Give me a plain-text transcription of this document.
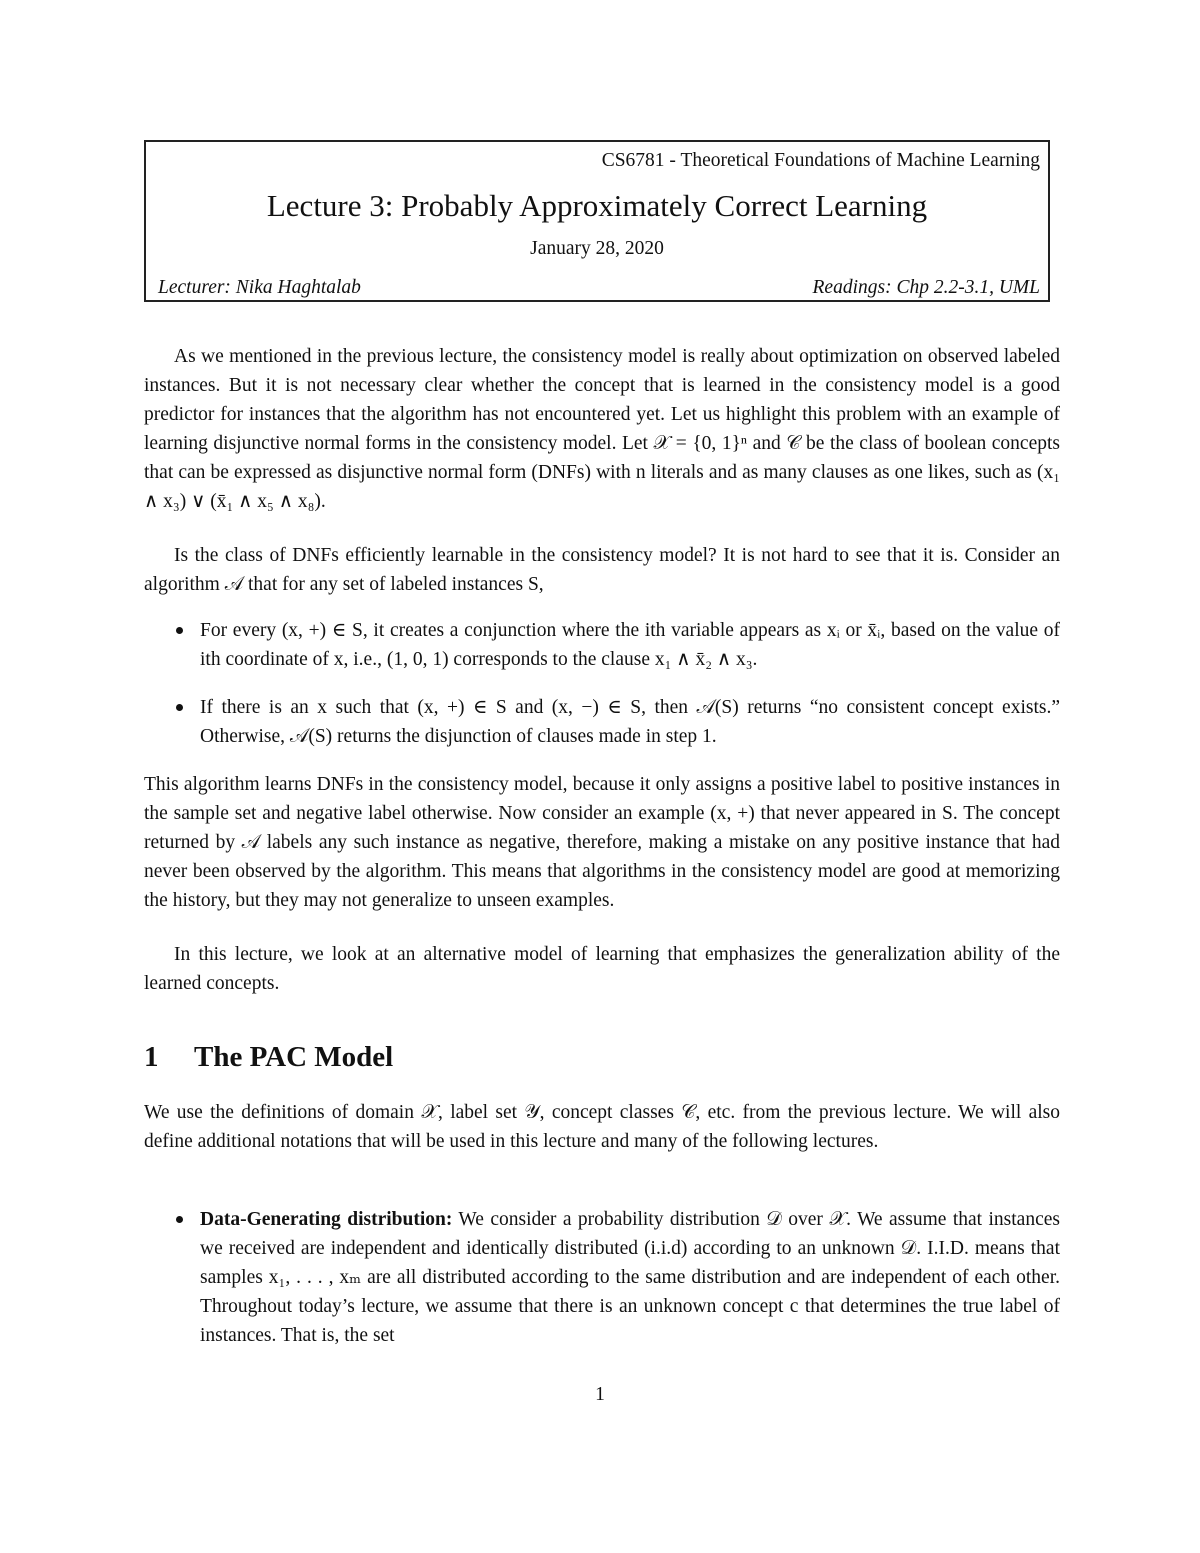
CS6781 - Theoretical Foundations of Machine Learning
Lecture 3: Probably Approximately Correct Learning
January 28, 2020
Lecturer: Nika Haghtalab	Readings: Chp 2.2-3.1, UML

As we mentioned in the previous lecture, the consistency model is really about optimization on observed labeled instances. But it is not necessary clear whether the concept that is learned in the consistency model is a good predictor for instances that the algorithm has not encountered yet. Let us highlight this problem with an example of learning disjunctive normal forms in the consistency model. Let 𝒳 = {0, 1}ⁿ and 𝒞 be the class of boolean concepts that can be expressed as disjunctive normal form (DNFs) with n literals and as many clauses as one likes, such as (x₁ ∧ x₃) ∨ (x̄₁ ∧ x₅ ∧ x₈).

Is the class of DNFs efficiently learnable in the consistency model? It is not hard to see that it is. Consider an algorithm 𝒜 that for any set of labeled instances S,

For every (x, +) ∈ S, it creates a conjunction where the ith variable appears as xᵢ or x̄ᵢ, based on the value of ith coordinate of x, i.e., (1, 0, 1) corresponds to the clause x₁ ∧ x̄₂ ∧ x₃.
If there is an x such that (x, +) ∈ S and (x, −) ∈ S, then 𝒜(S) returns “no consistent concept exists.” Otherwise, 𝒜(S) returns the disjunction of clauses made in step 1.

This algorithm learns DNFs in the consistency model, because it only assigns a positive label to positive instances in the sample set and negative label otherwise. Now consider an example (x, +) that never appeared in S. The concept returned by 𝒜 labels any such instance as negative, therefore, making a mistake on any positive instance that had never been observed by the algorithm. This means that algorithms in the consistency model are good at memorizing the history, but they may not generalize to unseen examples.

In this lecture, we look at an alternative model of learning that emphasizes the generalization ability of the learned concepts.

1 The PAC Model

We use the definitions of domain 𝒳, label set 𝒴, concept classes 𝒞, etc. from the previous lecture. We will also define additional notations that will be used in this lecture and many of the following lectures.

Data-Generating distribution: We consider a probability distribution 𝒟 over 𝒳. We assume that instances we received are independent and identically distributed (i.i.d) according to an unknown 𝒟. I.I.D. means that samples x₁, . . . , xₘ are all distributed according to the same distribution and are independent of each other. Throughout today’s lecture, we assume that there is an unknown concept c that determines the true label of instances. That is, the set
1
